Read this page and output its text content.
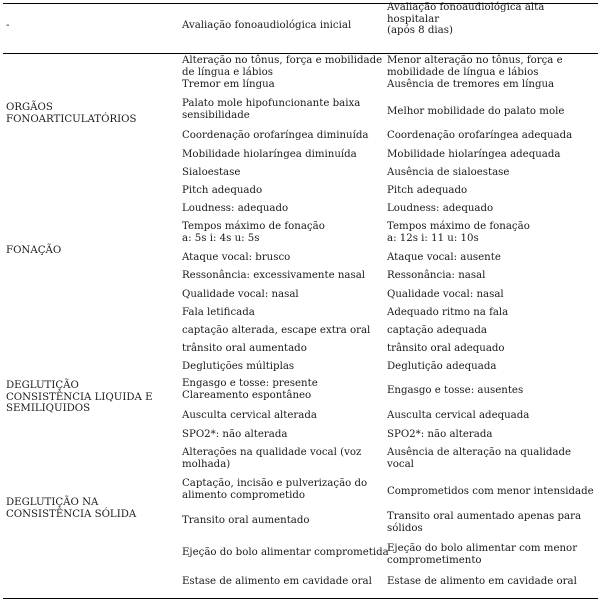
-	Avaliação fonoaudiológica inicial
Avaliação fonoaudiológica alta
hospitalar
(após 8 dias)
ORGÃOS
FONOARTICULATÓRIOS
FONAÇÃO
DEGLUTIÇÃO
CONSISTÊNCIA LIQUIDA E
SEMILIQUIDOS
DEGLUTIÇÃO NA
CONSISTÊNCIA SÓLIDA
Alteração no tônus, força e mobilidade
de língua e lábios
Tremor em língua
Palato mole hipofuncionante baixa
sensibilidade
Coordenação orofaríngea diminuída
Mobilidade hiolaríngea diminuída
Sialoestase
Pitch adequado
Loudness: adequado
Tempos máximo de fonação
a: 5s i: 4s u: 5s
Ataque vocal: brusco
Ressonância: excessivamente nasal
Qualidade vocal: nasal
Fala letificada
captação alterada, escape extra oral
trânsito oral aumentado
Deglutições múltiplas
Engasgo e tosse: presente
Clareamento espontâneo
Ausculta cervical alterada
SPO2*: não alterada
Alterações na qualidade vocal (voz
molhada)
Captação, incisão e pulverização do
alimento comprometido
Transito oral aumentado
Ejeção do bolo alimentar comprometida
Estase de alimento em cavidade oral
Menor alteração no tônus, força e
mobilidade de língua e lábios
Ausência de tremores em língua
Melhor mobilidade do palato mole
Coordenação orofaríngea adequada
Mobilidade hiolaríngea adequada
Ausência de sialoestase
Pitch adequado
Loudness: adequado
Tempos máximo de fonação
a: 12s i: 11 u: 10s
Ataque vocal: ausente
Ressonância: nasal
Qualidade vocal: nasal
Adequado ritmo na fala
captação adequada
trânsito oral adequado
Deglutição adequada
Engasgo e tosse: ausentes
Ausculta cervical adequada
SPO2*: não alterada
Ausência de alteração na qualidade
vocal
Comprometidos com menor intensidade
Transito oral aumentado apenas para
sólidos
Ejeção do bolo alimentar com menor
comprometimento
Estase de alimento em cavidade oral
